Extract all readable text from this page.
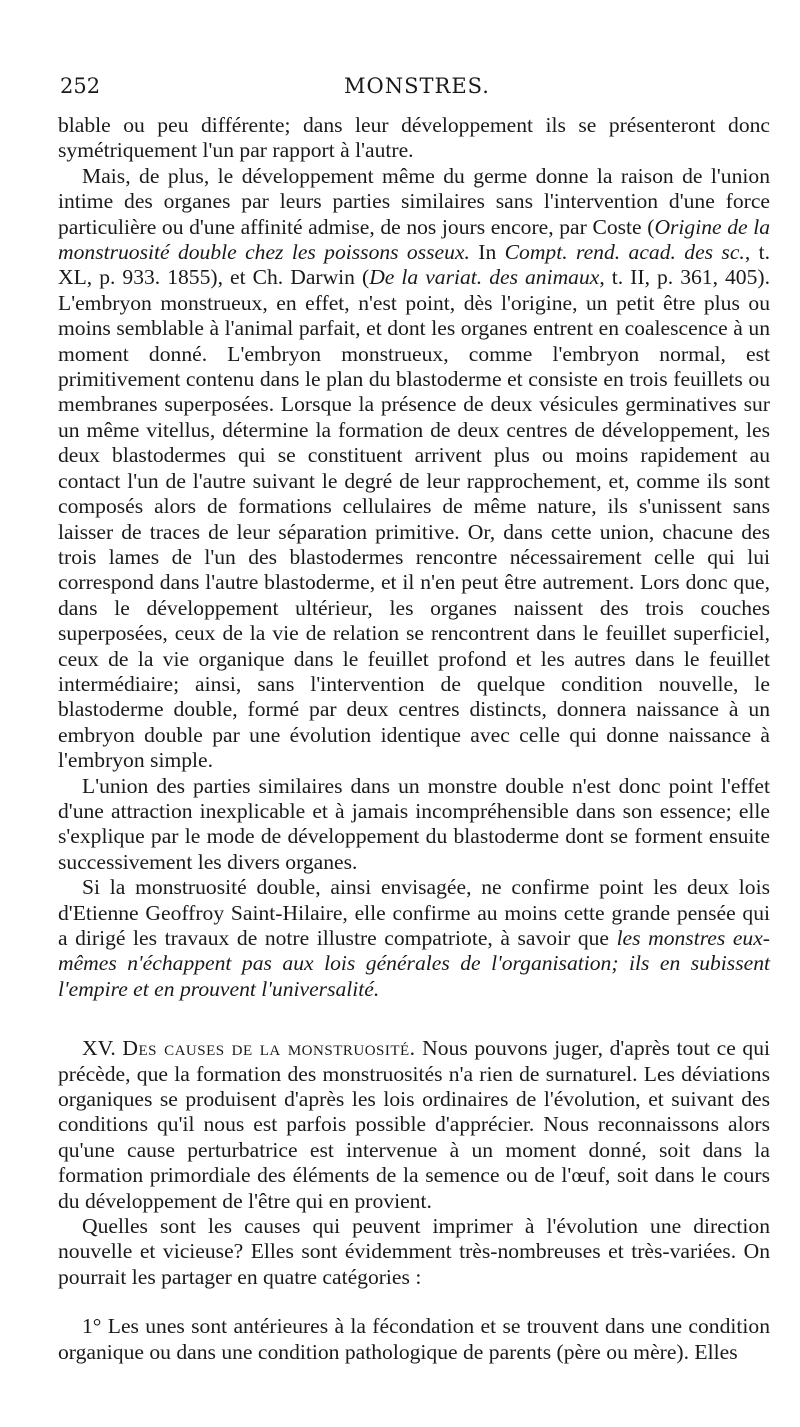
252	MONSTRES.

blable ou peu différente; dans leur développement ils se présenteront donc symétriquement l'un par rapport à l'autre.

Mais, de plus, le développement même du germe donne la raison de l'union intime des organes par leurs parties similaires sans l'intervention d'une force particulière ou d'une affinité admise, de nos jours encore, par Coste (Origine de la monstruosité double chez les poissons osseux. In Compt. rend. acad. des sc., t. XL, p. 933. 1855), et Ch. Darwin (De la variat. des animaux, t. II, p. 361, 405). L'embryon monstrueux, en effet, n'est point, dès l'origine, un petit être plus ou moins semblable à l'animal parfait, et dont les organes entrent en coalescence à un moment donné. L'embryon monstrueux, comme l'embryon normal, est primitivement contenu dans le plan du blastoderme et consiste en trois feuillets ou membranes superposées. Lorsque la présence de deux vésicules germinatives sur un même vitellus, détermine la formation de deux centres de développement, les deux blastodermes qui se constituent arrivent plus ou moins rapidement au contact l'un de l'autre suivant le degré de leur rapprochement, et, comme ils sont composés alors de formations cellulaires de même nature, ils s'unissent sans laisser de traces de leur séparation primitive. Or, dans cette union, chacune des trois lames de l'un des blastodermes rencontre nécessairement celle qui lui correspond dans l'autre blastoderme, et il n'en peut être autrement. Lors donc que, dans le développement ultérieur, les organes naissent des trois couches superposées, ceux de la vie de relation se rencontrent dans le feuillet superficiel, ceux de la vie organique dans le feuillet profond et les autres dans le feuillet intermédiaire; ainsi, sans l'intervention de quelque condition nouvelle, le blastoderme double, formé par deux centres distincts, donnera naissance à un embryon double par une évolution identique avec celle qui donne naissance à l'embryon simple.

L'union des parties similaires dans un monstre double n'est donc point l'effet d'une attraction inexplicable et à jamais incompréhensible dans son essence; elle s'explique par le mode de développement du blastoderme dont se forment ensuite successivement les divers organes.

Si la monstruosité double, ainsi envisagée, ne confirme point les deux lois d'Etienne Geoffroy Saint-Hilaire, elle confirme au moins cette grande pensée qui a dirigé les travaux de notre illustre compatriote, à savoir que les monstres eux-mêmes n'échappent pas aux lois générales de l'organisation; ils en subissent l'empire et en prouvent l'universalité.

XV. Des causes de la monstruosité. Nous pouvons juger, d'après tout ce qui précède, que la formation des monstruosités n'a rien de surnaturel. Les déviations organiques se produisent d'après les lois ordinaires de l'évolution, et suivant des conditions qu'il nous est parfois possible d'apprécier. Nous reconnaissons alors qu'une cause perturbatrice est intervenue à un moment donné, soit dans la formation primordiale des éléments de la semence ou de l'œuf, soit dans le cours du développement de l'être qui en provient.

Quelles sont les causes qui peuvent imprimer à l'évolution une direction nouvelle et vicieuse? Elles sont évidemment très-nombreuses et très-variées. On pourrait les partager en quatre catégories :

1° Les unes sont antérieures à la fécondation et se trouvent dans une condition organique ou dans une condition pathologique de parents (père ou mère). Elles
